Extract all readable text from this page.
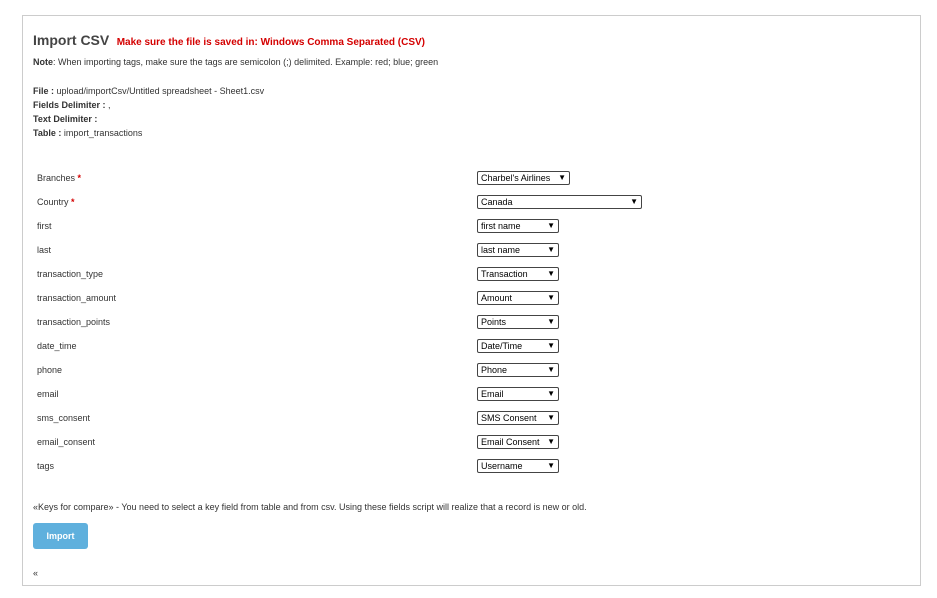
Import CSV Make sure the file is saved in: Windows Comma Separated (CSV)
Note: When importing tags, make sure the tags are semicolon (;) delimited. Example: red; blue; green
File : upload/importCsv/Untitled spreadsheet - Sheet1.csv
Fields Delimiter : ,
Text Delimiter :
Table : import_transactions
Branches *	Charbel's Airlines ▼
Country *	Canada	▼
first	first name	▼
last	last name	▼
transaction_type	Transaction ▼
transaction_amount	Amount	▼
transaction_points	Points	▼
date_time	Date/Time	▼
phone	Phone	▼
email	Email	▼
sms_consent	SMS Consent ▼
email_consent	Email Consent ▼
tags	Username	▼
«Keys for compare» - You need to select a key field from table and from csv. Using these fields script will realize that a record is new or old.
Import
«
